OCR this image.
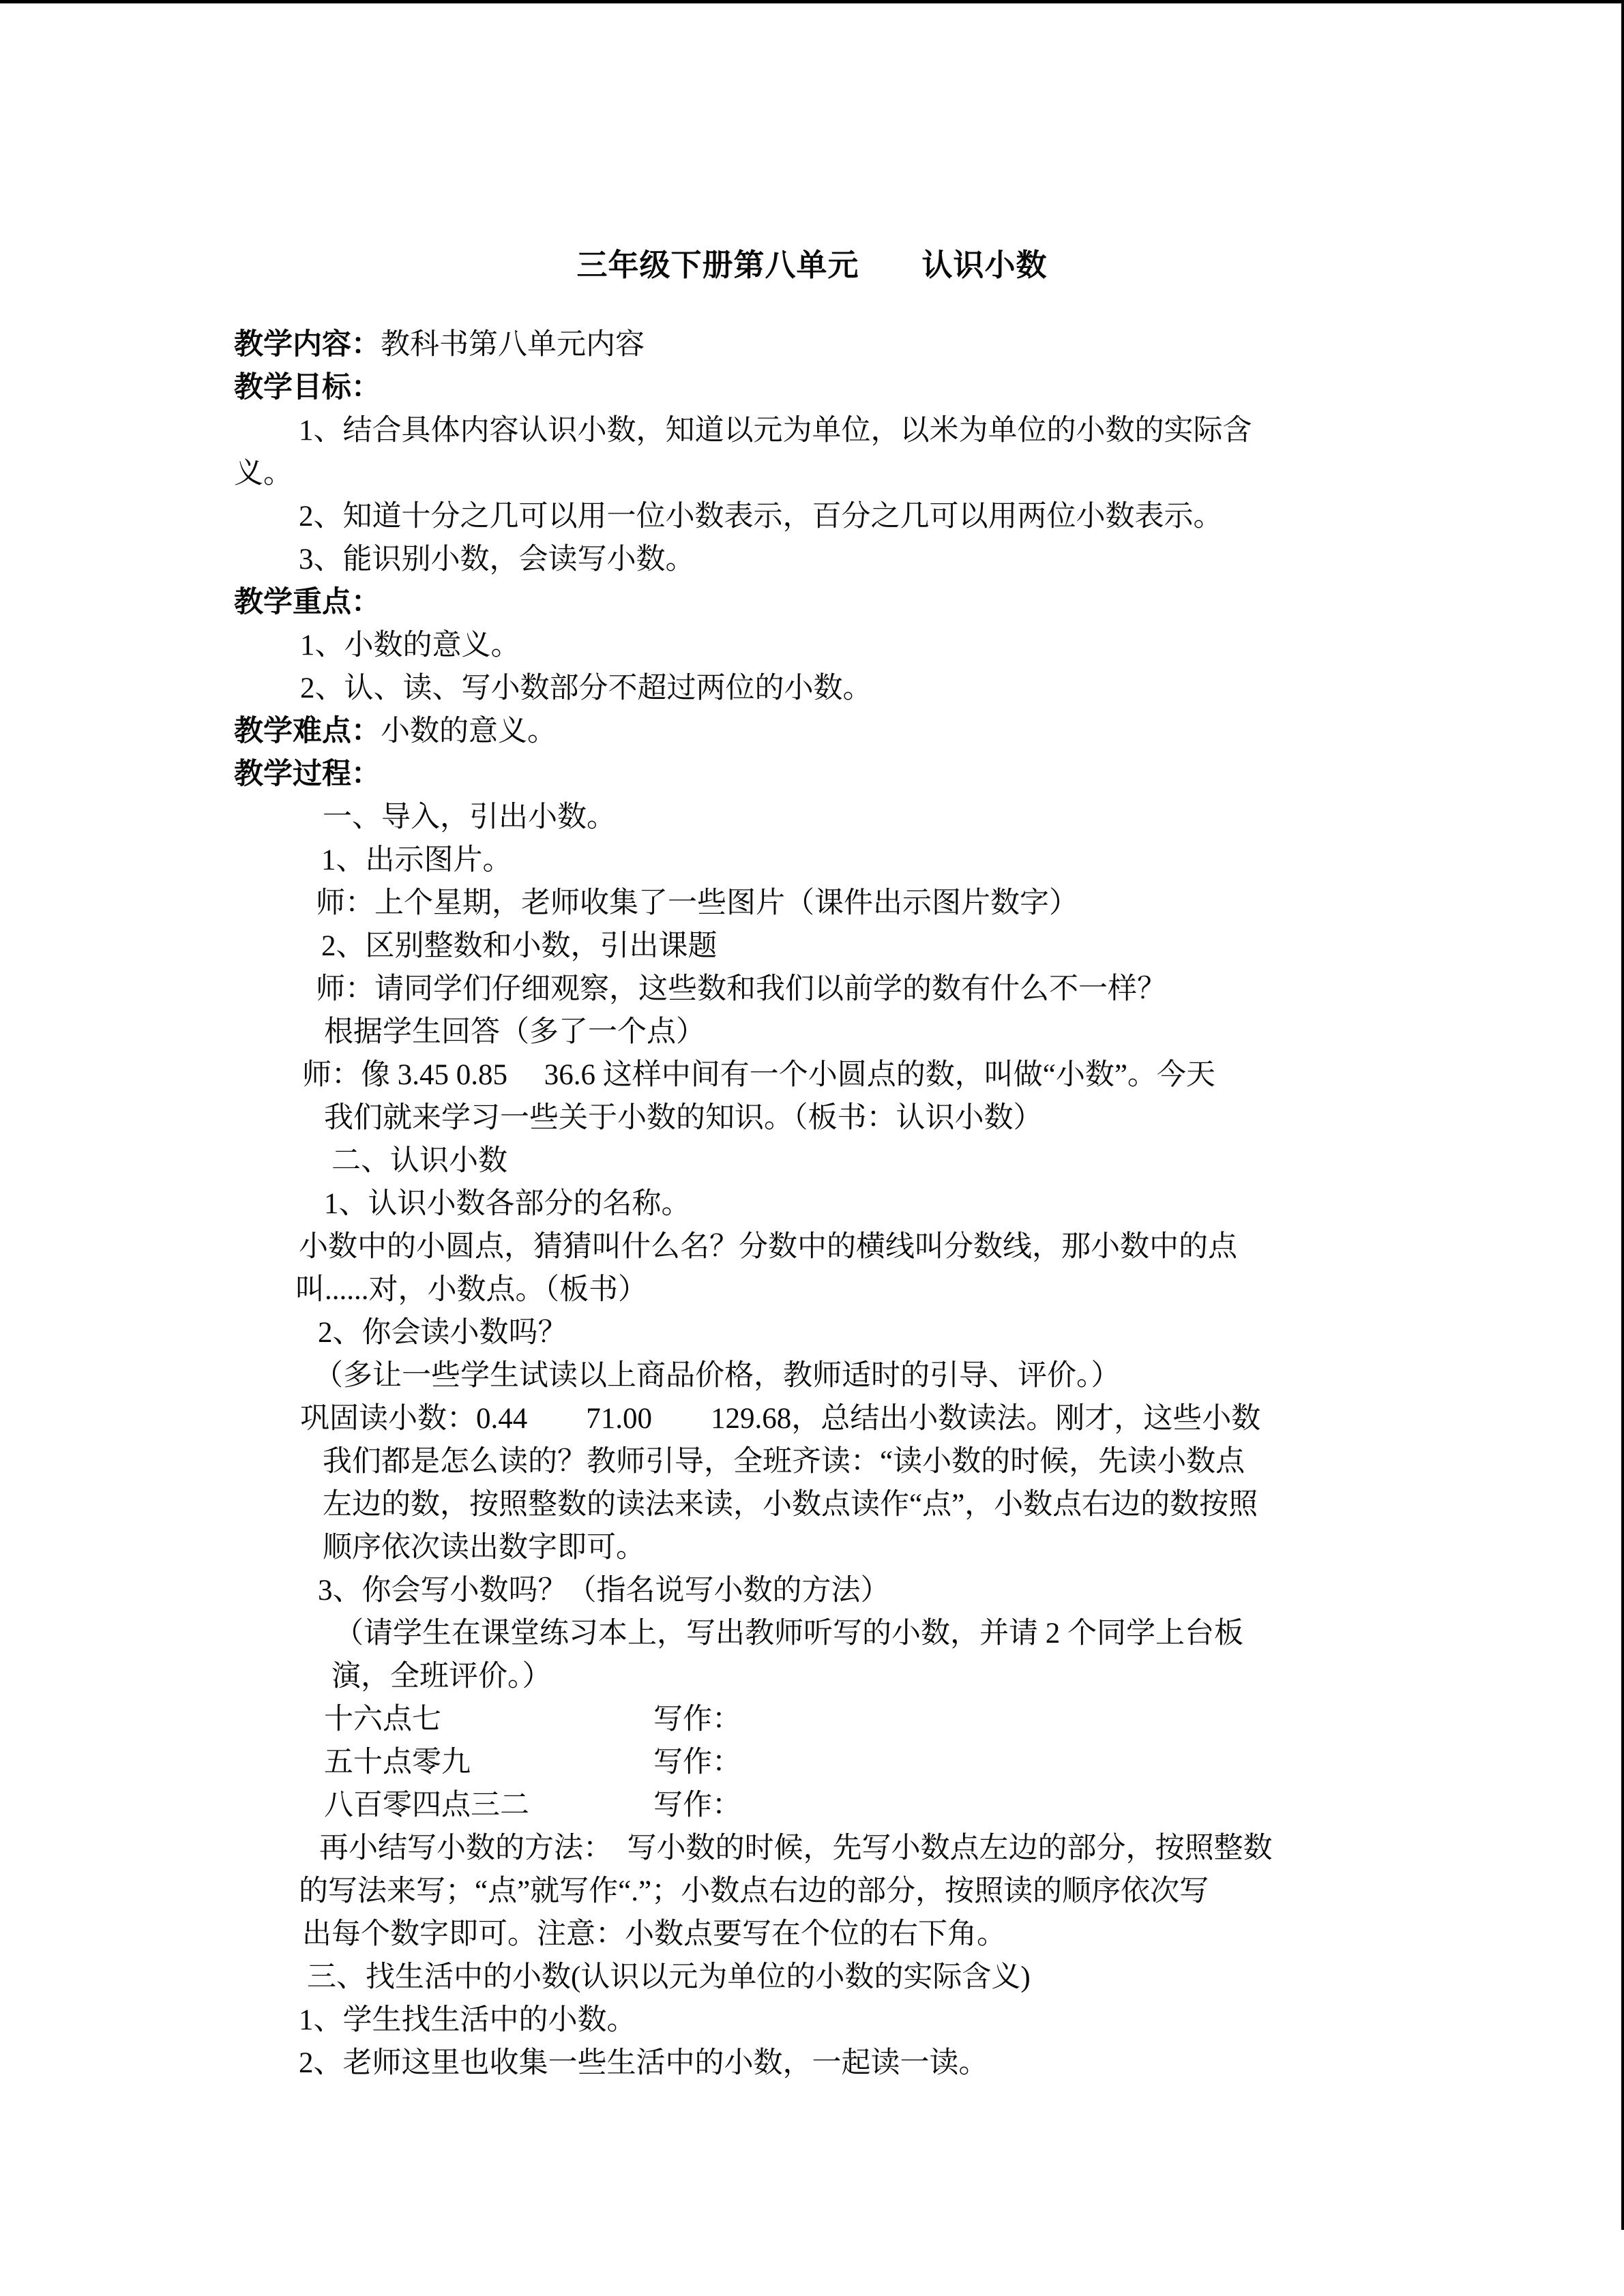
三年级下册第八单元　　认识小数
教学内容：教科书第八单元内容
教学目标：
1、结合具体内容认识小数，知道以元为单位，以米为单位的小数的实际含
义。
2、知道十分之几可以用一位小数表示，百分之几可以用两位小数表示。
3、能识别小数，会读写小数。
教学重点：
1、小数的意义。
2、认、读、写小数部分不超过两位的小数。
教学难点：小数的意义。
教学过程：
一、导入，引出小数。
1、出示图片。
师：上个星期，老师收集了一些图片（课件出示图片数字）
2、区别整数和小数，引出课题
师：请同学们仔细观察，这些数和我们以前学的数有什么不一样？
根据学生回答（多了一个点）
师：像 3.45 0.85　 36.6 这样中间有一个小圆点的数，叫做“小数”。今天
我们就来学习一些关于小数的知识。（板书：认识小数）
二、认识小数
1、认识小数各部分的名称。
小数中的小圆点，猜猜叫什么名？分数中的横线叫分数线，那小数中的点
叫......对，小数点。（板书）
2、你会读小数吗？
（多让一些学生试读以上商品价格，教师适时的引导、评价。）
巩固读小数：0.44　　71.00　　129.68，总结出小数读法。刚才，这些小数
我们都是怎么读的？教师引导，全班齐读：“读小数的时候，先读小数点
左边的数，按照整数的读法来读，小数点读作“点”，小数点右边的数按照
顺序依次读出数字即可。
3、你会写小数吗？（指名说写小数的方法）
（请学生在课堂练习本上，写出教师听写的小数，并请 2 个同学上台板
演，全班评价。）
十六点七	写作：
五十点零九	写作：
八百零四点三二	写作：
再小结写小数的方法：　写小数的时候，先写小数点左边的部分，按照整数
的写法来写；“点”就写作“.”；小数点右边的部分，按照读的顺序依次写
出每个数字即可。注意：小数点要写在个位的右下角。
三、找生活中的小数(认识以元为单位的小数的实际含义)
1、学生找生活中的小数。
2、老师这里也收集一些生活中的小数，一起读一读。
